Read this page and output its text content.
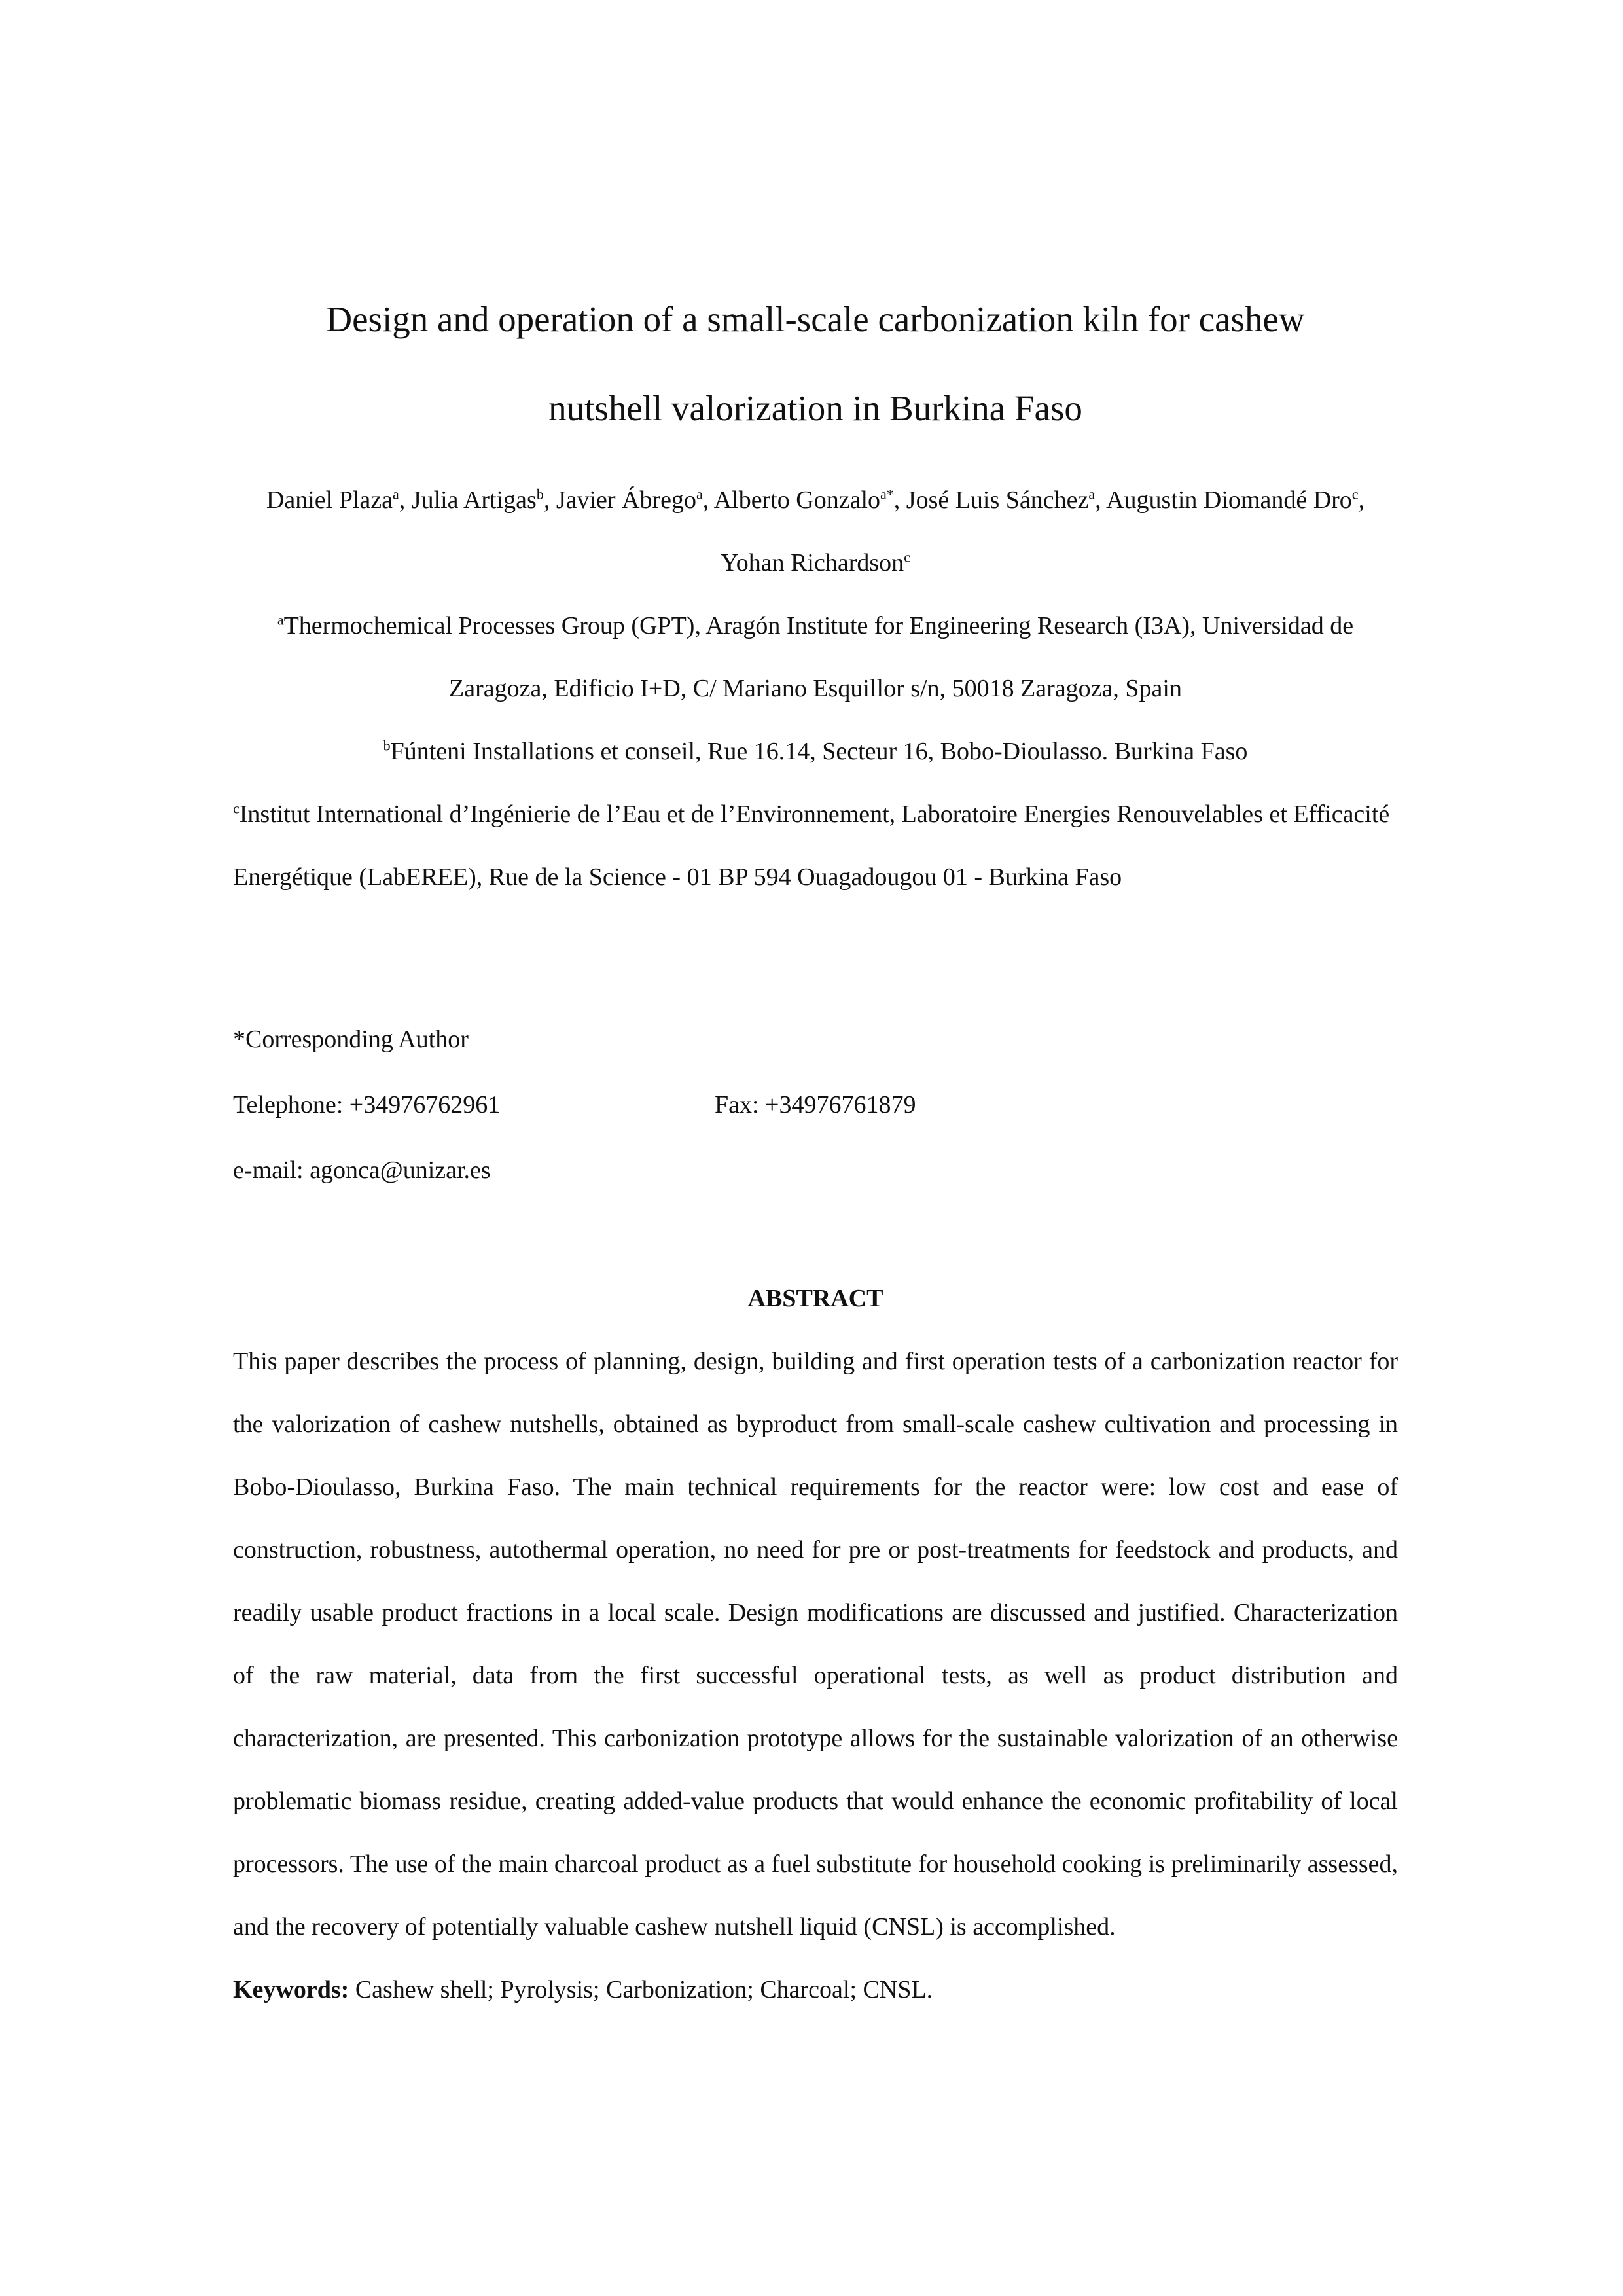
Design and operation of a small-scale carbonization kiln for cashew
nutshell valorization in Burkina Faso
Daniel Plaza$^a$, Julia Artigas$^b$, Javier Ábrego$^a$, Alberto Gonzalo$^{a*}$, José Luis Sánchez$^a$, Augustin Diomandé Dro$^c$, Yohan Richardson$^c$
$^a$Thermochemical Processes Group (GPT), Aragón Institute for Engineering Research (I3A), Universidad de Zaragoza, Edificio I+D, C/ Mariano Esquillor s/n, 50018 Zaragoza, Spain
$^b$Fúnteni Installations et conseil, Rue 16.14, Secteur 16, Bobo-Dioulasso. Burkina Faso
$^c$Institut International d’Ingénierie de l’Eau et de l’Environnement, Laboratoire Energies Renouvelables et Efficacité Energétique (LabEREE), Rue de la Science - 01 BP 594 Ouagadougou 01 - Burkina Faso
*Corresponding Author
Telephone: +34976762961	Fax: +34976761879
e-mail: agonca@unizar.es
ABSTRACT

This paper describes the process of planning, design, building and first operation tests of a carbonization reactor for the valorization of cashew nutshells, obtained as byproduct from small-scale cashew cultivation and processing in Bobo-Dioulasso, Burkina Faso. The main technical requirements for the reactor were: low cost and ease of construction, robustness, autothermal operation, no need for pre or post-treatments for feedstock and products, and readily usable product fractions in a local scale. Design modifications are discussed and justified. Characterization of the raw material, data from the first successful operational tests, as well as product distribution and characterization, are presented. This carbonization prototype allows for the sustainable valorization of an otherwise problematic biomass residue, creating added-value products that would enhance the economic profitability of local processors. The use of the main charcoal product as a fuel substitute for household cooking is preliminarily assessed, and the recovery of potentially valuable cashew nutshell liquid (CNSL) is accomplished.

Keywords: Cashew shell; Pyrolysis; Carbonization; Charcoal; CNSL.
